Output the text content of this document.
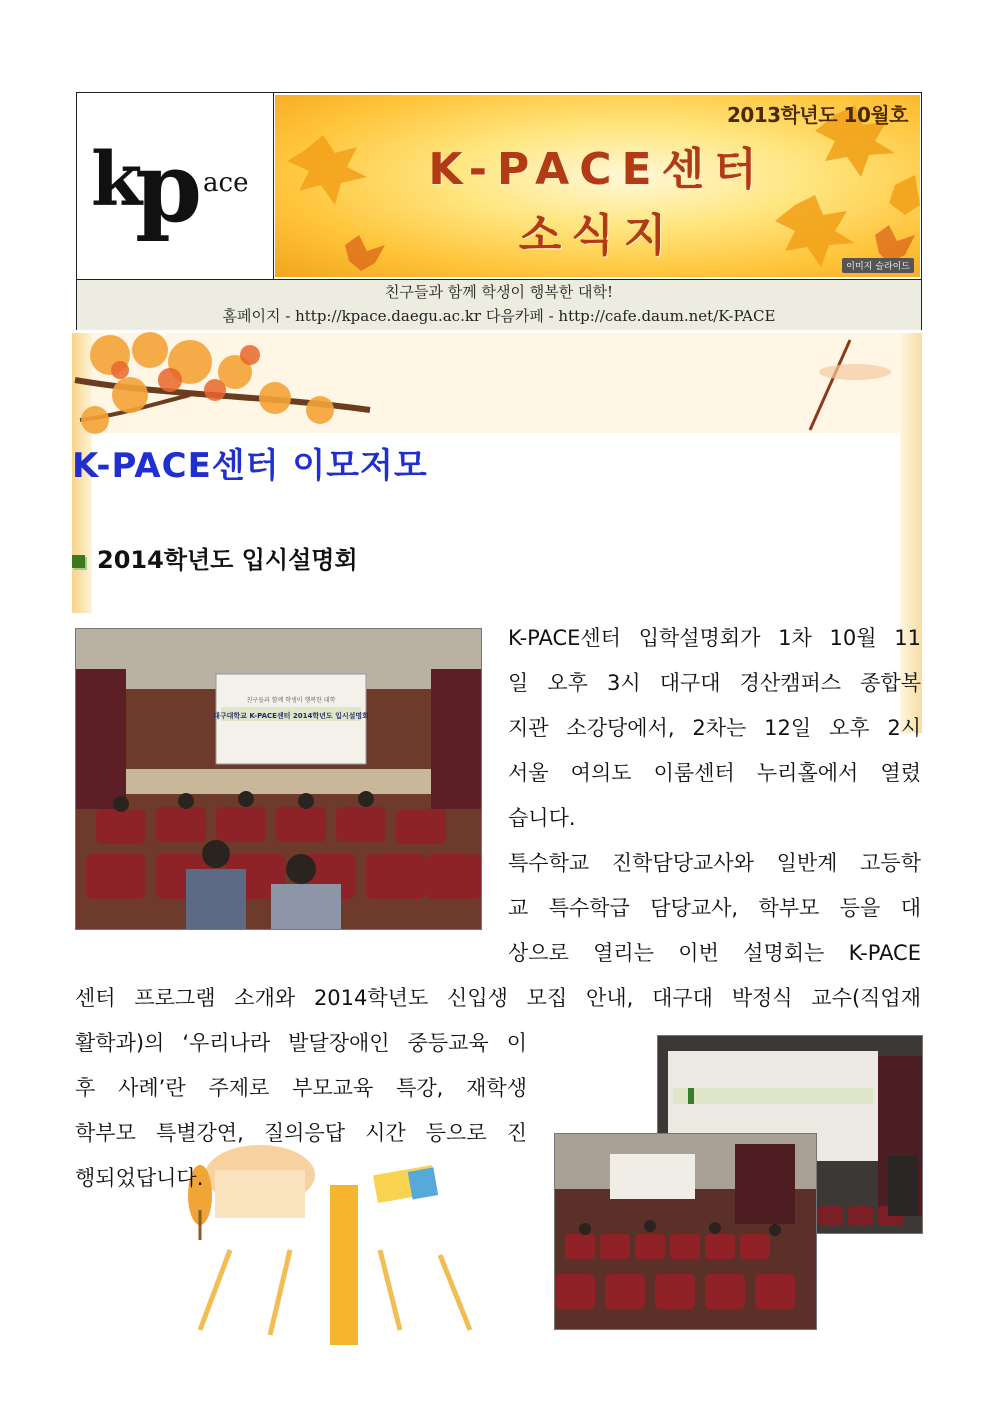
k
p ace
2013학년도 10월호
K-PACE센터
소식지
이미지 슬라이드
친구들과 함께 학생이 행복한 대학!
홈페이지 - http://kpace.daegu.ac.kr 다음카페 - http://cafe.daum.net/K-PACE
K-PACE센터 이모저모
2014학년도 입시설명회
친구들과 함께 학생이 행복한 대학
대구대학교 K-PACE센터 2014학년도 입시설명회
K-PACE센터 입학설명회가 1차 10월 11
일 오후 3시 대구대 경산캠퍼스 종합복
지관 소강당에서, 2차는 12일 오후 2시
서울 여의도 이룸센터 누리홀에서 열렸
습니다.
특수학교 진학담당교사와 일반계 고등학
교 특수학급 담당교사, 학부모 등을 대
상으로 열리는 이번 설명회는 K-PACE
센터 프로그램 소개와 2014학년도 신입생 모집 안내, 대구대 박정식 교수(직업재
활학과)의 ‘우리나라 발달장애인 중등교육 이
후 사례’란 주제로 부모교육 특강, 재학생
학부모 특별강연, 질의응답 시간 등으로 진
행되었답니다.
